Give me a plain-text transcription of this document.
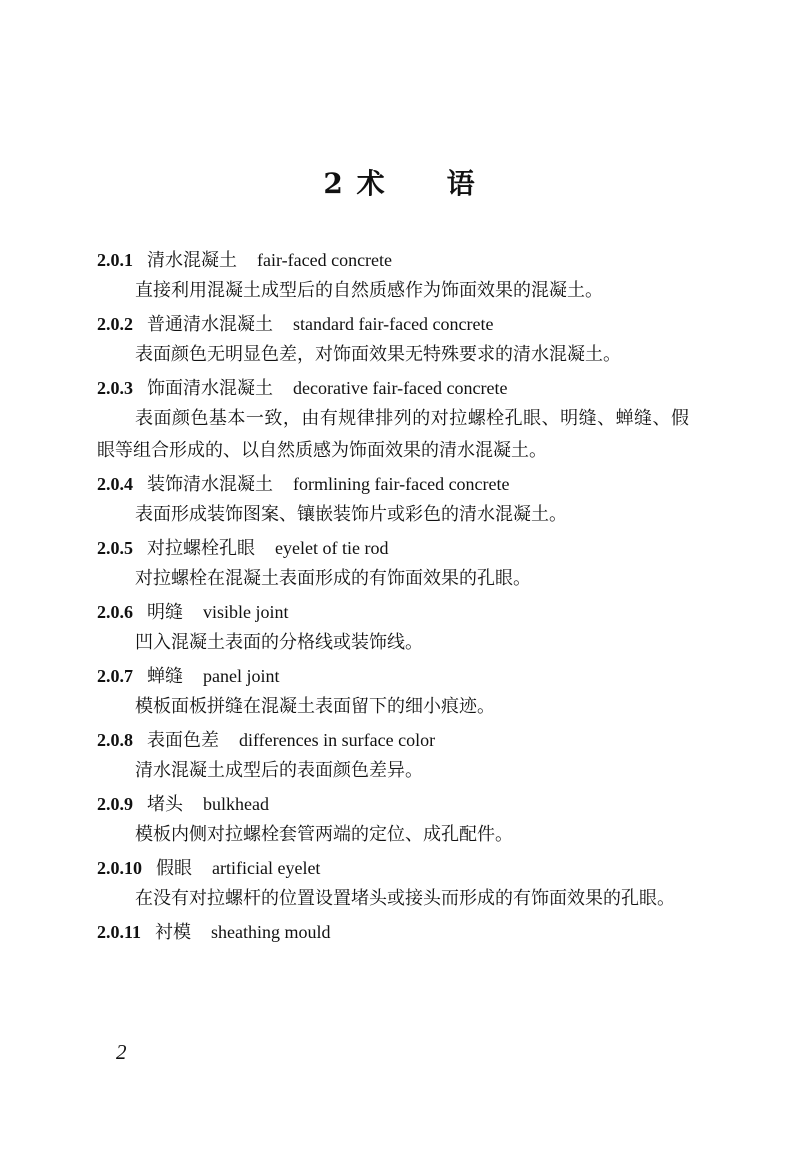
2 术　　语
2.0.1 清水混凝土 fair-faced concrete
直接利用混凝土成型后的自然质感作为饰面效果的混凝土。
2.0.2 普通清水混凝土 standard fair-faced concrete
表面颜色无明显色差，对饰面效果无特殊要求的清水混凝土。
2.0.3 饰面清水混凝土 decorative fair-faced concrete
表面颜色基本一致，由有规律排列的对拉螺栓孔眼、明缝、蝉缝、假眼等组合形成的、以自然质感为饰面效果的清水混凝土。
2.0.4 装饰清水混凝土 formlining fair-faced concrete
表面形成装饰图案、镶嵌装饰片或彩色的清水混凝土。
2.0.5 对拉螺栓孔眼 eyelet of tie rod
对拉螺栓在混凝土表面形成的有饰面效果的孔眼。
2.0.6 明缝 visible joint
凹入混凝土表面的分格线或装饰线。
2.0.7 蝉缝 panel joint
模板面板拼缝在混凝土表面留下的细小痕迹。
2.0.8 表面色差 differences in surface color
清水混凝土成型后的表面颜色差异。
2.0.9 堵头 bulkhead
模板内侧对拉螺栓套管两端的定位、成孔配件。
2.0.10 假眼 artificial eyelet
在没有对拉螺杆的位置设置堵头或接头而形成的有饰面效果的孔眼。
2.0.11 衬模 sheathing mould
2
